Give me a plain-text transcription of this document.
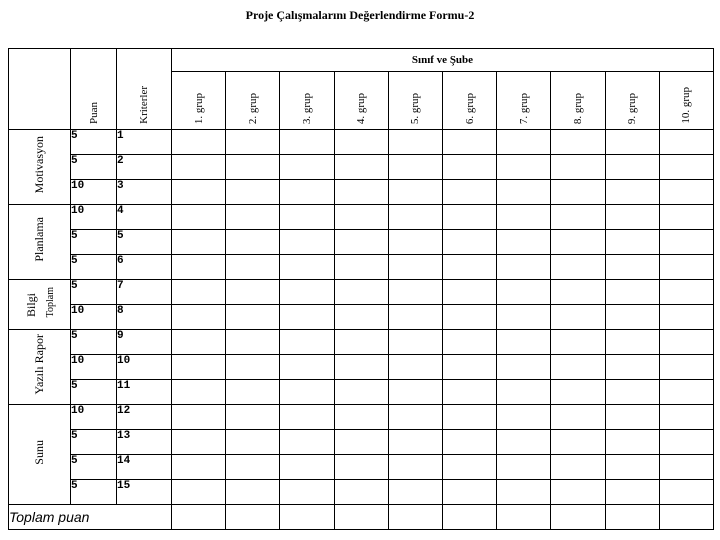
Proje Çalışmalarını Değerlendirme Formu-2
	Puan	Kriterler	Sınıf ve Şube									
			1. grup	2. grup	3. grup	4. grup	5. grup	6. grup	7. grup	8. grup	9. grup	10. grup
Motivasyon	5	1										
	5	2										
	10	3										
Planlama	10	4										
	5	5										
	5	6										
Bilgi Toplam	5	7										
	10	8										
Yazılı Rapor	5	9										
	10	10										
	5	11										
Sunu	10	12										
	5	13										
	5	14										
	5	15										
Toplam puan												
